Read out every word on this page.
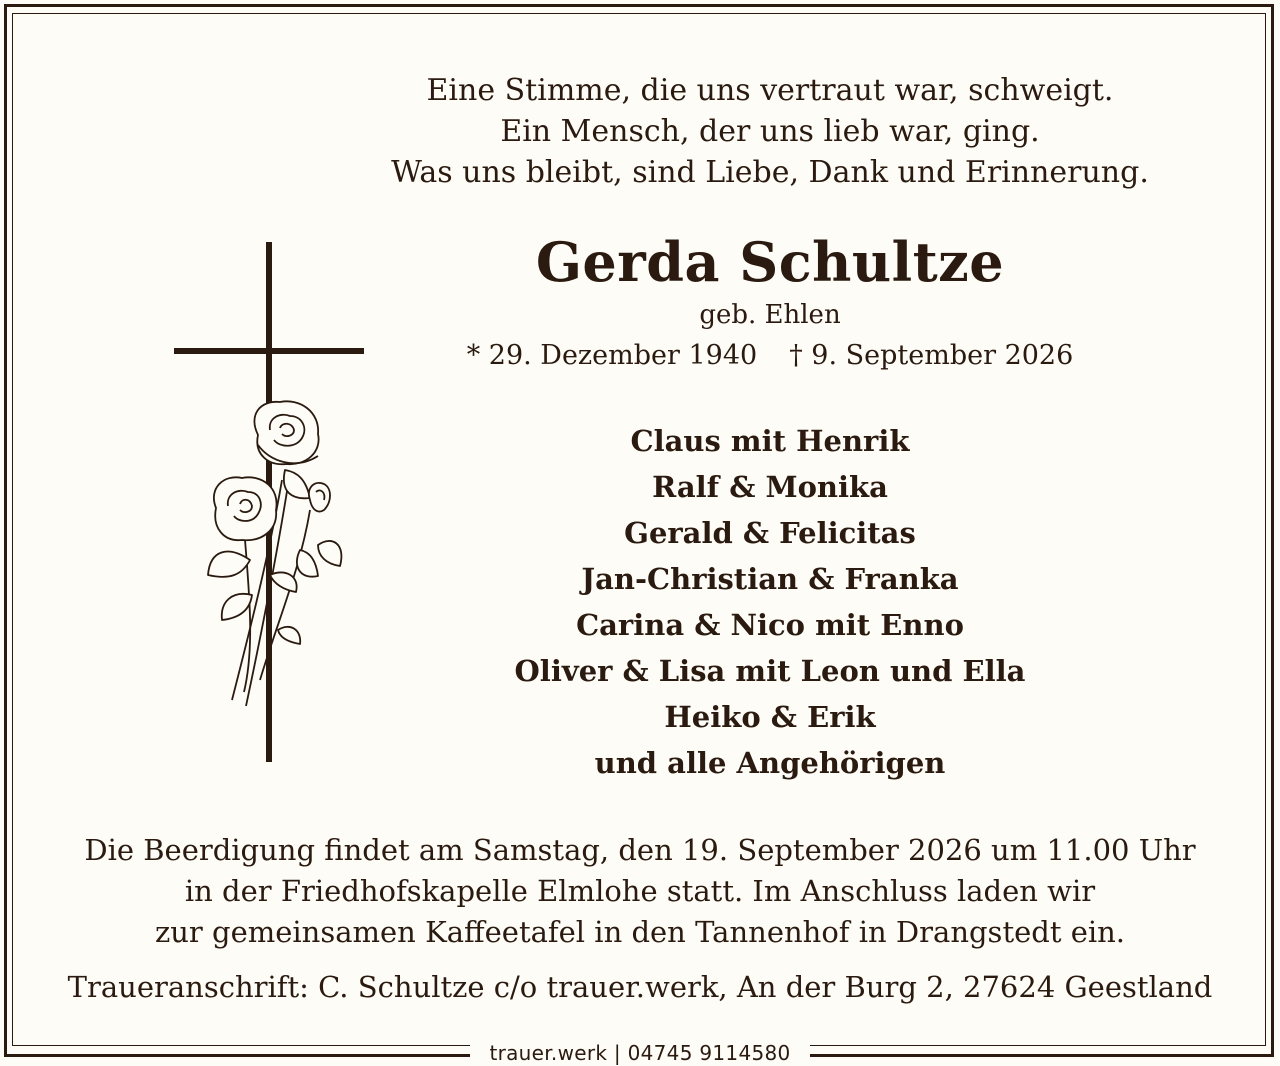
trauer.werk | 04745 9114580
Eine Stimme, die uns vertraut war, schweigt.
Ein Mensch, der uns lieb war, ging.
Was uns bleibt, sind Liebe, Dank und Erinnerung.
Gerda Schultze
geb. Ehlen
* 29. Dezember 1940 † 9. September 2026
Claus mit Henrik
Ralf & Monika
Gerald & Felicitas
Jan-Christian & Franka
Carina & Nico mit Enno
Oliver & Lisa mit Leon und Ella
Heiko & Erik
und alle Angehörigen
Die Beerdigung findet am Samstag, den 19. September 2026 um 11.00 Uhr
in der Friedhofskapelle Elmlohe statt. Im Anschluss laden wir
zur gemeinsamen Kaffeetafel in den Tannenhof in Drangstedt ein.
Traueranschrift: C. Schultze c/o trauer.werk, An der Burg 2, 27624 Geestland
